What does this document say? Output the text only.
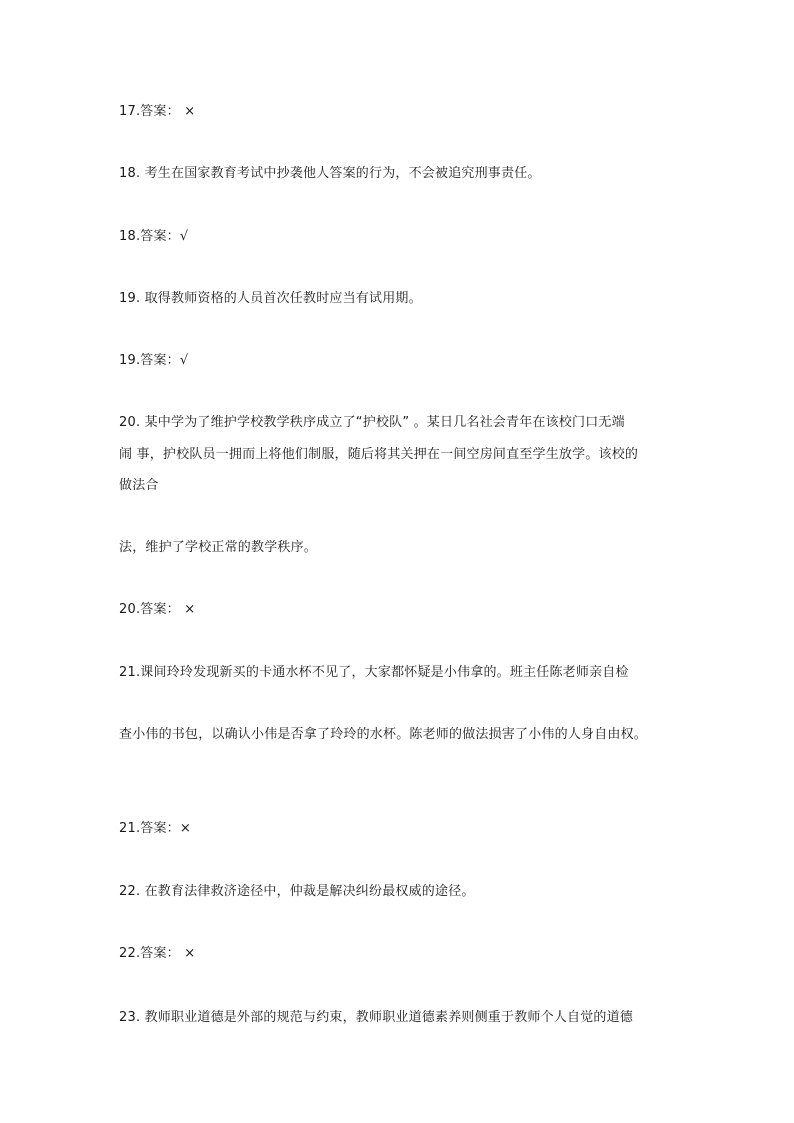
17.答案： ×
18. 考生在国家教育考试中抄袭他人答案的行为，不会被追究刑事责任。
18.答案：√
19. 取得教师资格的人员首次任教时应当有试用期。
19.答案：√
20. 某中学为了维护学校教学秩序成立了“护校队” 。某日几名社会青年在该校门口无端
闹 事，护校队员一拥而上将他们制服，随后将其关押在一间空房间直至学生放学。该校的
做法合
法，维护了学校正常的教学秩序。
20.答案： ×
21.课间玲玲发现新买的卡通水杯不见了，大家都怀疑是小伟拿的。班主任陈老师亲自检
查小伟的书包，以确认小伟是否拿了玲玲的水杯。陈老师的做法损害了小伟的人身自由权。
21.答案：×
22. 在教育法律救济途径中，仲裁是解决纠纷最权威的途径。
22.答案： ×
23. 教师职业道德是外部的规范与约束，教师职业道德素养则侧重于教师个人自觉的道德
